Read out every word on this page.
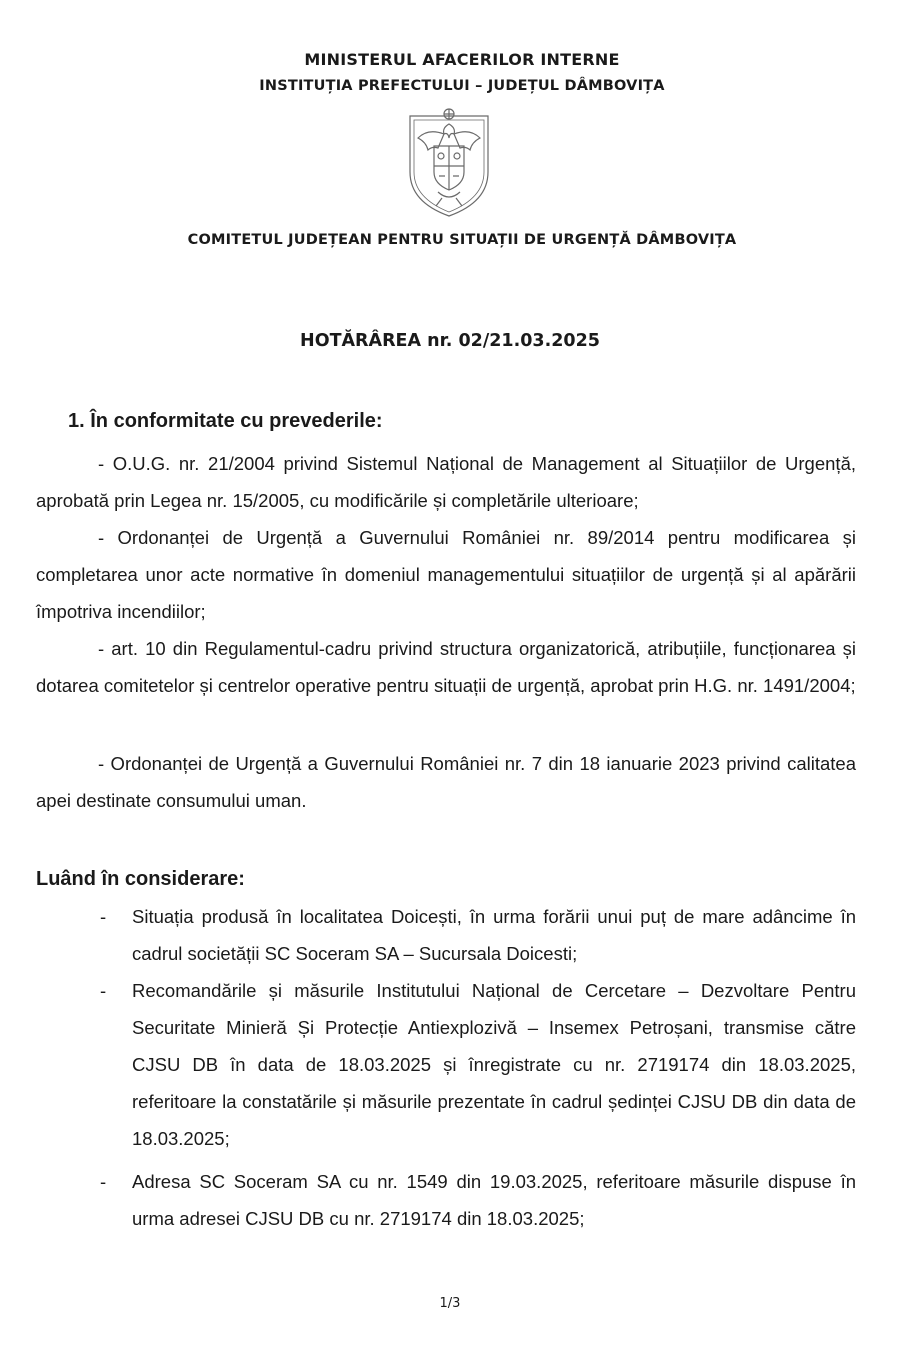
MINISTERUL AFACERILOR INTERNE
INSTITUȚIA PREFECTULUI – JUDEȚUL DÂMBOVIȚA
COMITETUL JUDEȚEAN PENTRU SITUAȚII DE URGENȚĂ DÂMBOVIȚA
HOTĂRÂREA nr. 02/21.03.2025
1. În conformitate cu prevederile:

- O.U.G. nr. 21/2004 privind Sistemul Național de Management al Situațiilor de Urgență, aprobată prin Legea nr. 15/2005, cu modificările și completările ulterioare;

- Ordonanței de Urgență a Guvernului României nr. 89/2014 pentru modificarea și completarea unor acte normative în domeniul managementului situațiilor de urgență și al apărării împotriva incendiilor;

- art. 10 din Regulamentul-cadru privind structura organizatorică, atribuțiile, funcționarea și dotarea comitetelor și centrelor operative pentru situații de urgență, aprobat prin H.G. nr. 1491/2004;

- Ordonanței de Urgență a Guvernului României nr. 7 din 18 ianuarie 2023 privind calitatea apei destinate consumului uman.

Luând în considerare:
- Situația produsă în localitatea Doicești, în urma forării unui puț de mare adâncime în cadrul societății SC Soceram SA – Sucursala Doicesti;
- Recomandările și măsurile Institutului Național de Cercetare – Dezvoltare Pentru Securitate Minieră Și Protecție Antiexplozivă – Insemex Petroșani, transmise către CJSU DB în data de 18.03.2025 și înregistrate cu nr. 2719174 din 18.03.2025, referitoare la constatările și măsurile prezentate în cadrul ședinței CJSU DB din data de 18.03.2025;
- Adresa SC Soceram SA cu nr. 1549 din 19.03.2025, referitoare măsurile dispuse în urma adresei CJSU DB cu nr. 2719174 din 18.03.2025;
1/3
